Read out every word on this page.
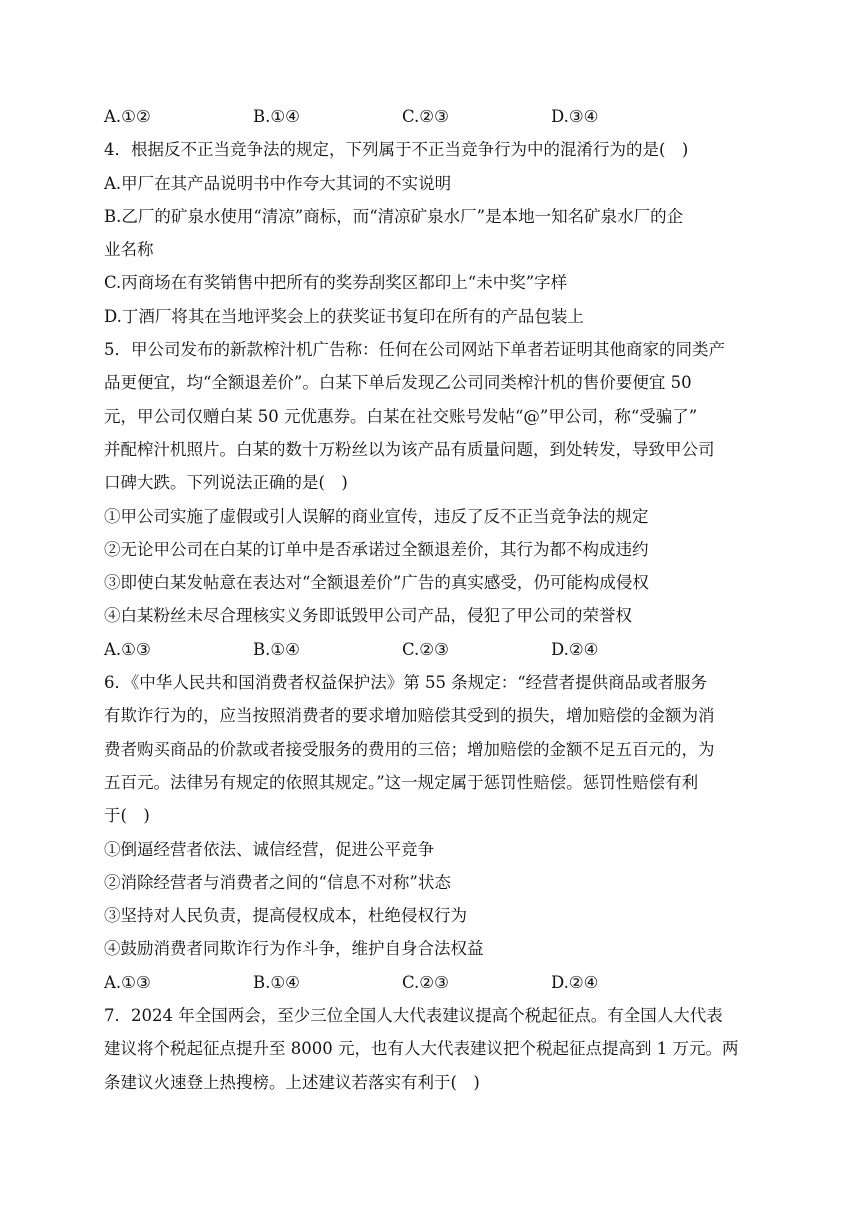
A.①②	B.①④	C.②③	D.③④
4．根据反不正当竞争法的规定，下列属于不正当竞争行为中的混淆行为的是(　)
A.甲厂在其产品说明书中作夸大其词的不实说明
B.乙厂的矿泉水使用“清凉”商标，而“清凉矿泉水厂”是本地一知名矿泉水厂的企
业名称
C.丙商场在有奖销售中把所有的奖券刮奖区都印上“未中奖”字样
D.丁酒厂将其在当地评奖会上的获奖证书复印在所有的产品包装上
5．甲公司发布的新款榨汁机广告称：任何在公司网站下单者若证明其他商家的同类产
品更便宜，均“全额退差价”。白某下单后发现乙公司同类榨汁机的售价要便宜 50
元，甲公司仅赠白某 50 元优惠券。白某在社交账号发帖“@”甲公司，称“受骗了”
并配榨汁机照片。白某的数十万粉丝以为该产品有质量问题，到处转发，导致甲公司
口碑大跌。下列说法正确的是(　)
①甲公司实施了虚假或引人误解的商业宣传，违反了反不正当竞争法的规定
②无论甲公司在白某的订单中是否承诺过全额退差价，其行为都不构成违约
③即使白某发帖意在表达对“全额退差价”广告的真实感受，仍可能构成侵权
④白某粉丝未尽合理核实义务即诋毁甲公司产品，侵犯了甲公司的荣誉权
A.①③	B.①④	C.②③	D.②④
6．《中华人民共和国消费者权益保护法》第 55 条规定：“经营者提供商品或者服务
有欺诈行为的，应当按照消费者的要求增加赔偿其受到的损失，增加赔偿的金额为消
费者购买商品的价款或者接受服务的费用的三倍；增加赔偿的金额不足五百元的，为
五百元。法律另有规定的依照其规定。”这一规定属于惩罚性赔偿。惩罚性赔偿有利
于(　)
①倒逼经营者依法、诚信经营，促进公平竞争
②消除经营者与消费者之间的“信息不对称”状态
③坚持对人民负责，提高侵权成本，杜绝侵权行为
④鼓励消费者同欺诈行为作斗争，维护自身合法权益
A.①③	B.①④	C.②③	D.②④
7．2024 年全国两会，至少三位全国人大代表建议提高个税起征点。有全国人大代表
建议将个税起征点提升至 8000 元，也有人大代表建议把个税起征点提高到 1 万元。两
条建议火速登上热搜榜。上述建议若落实有利于(　)
